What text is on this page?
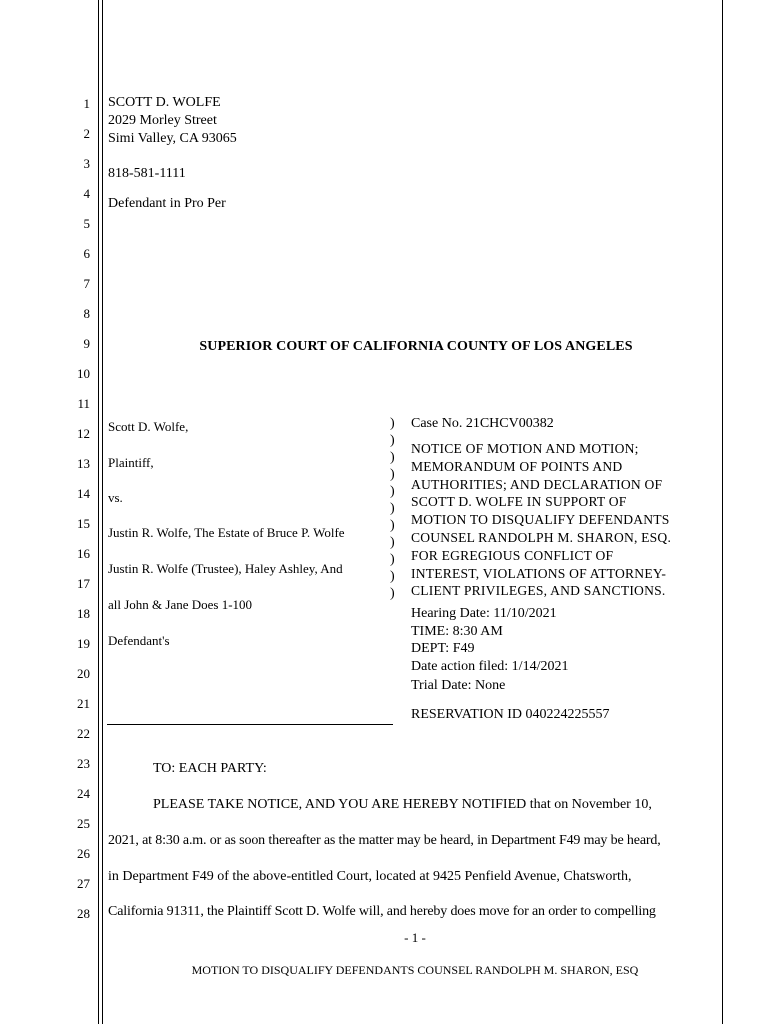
1
2
3
4
5
6
7
8
9
10
11
12
13
14
15
16
17
18
19
20
21
22
23
24
25
26
27
28
SCOTT D. WOLFE
2029 Morley Street
Simi Valley, CA 93065
818-581-1111
Defendant in Pro Per
SUPERIOR COURT OF CALIFORNIA COUNTY OF LOS ANGELES
Scott D. Wolfe,
Plaintiff,
vs.
Justin R. Wolfe, The Estate of Bruce P. Wolfe
Justin R. Wolfe (Trustee), Haley Ashley, And
all John & Jane Does 1-100
Defendant's
)
)
)
)
)
)
)
)
)
)
)
Case No. 21CHCV00382
NOTICE OF MOTION AND MOTION;
MEMORANDUM OF POINTS AND
AUTHORITIES; AND DECLARATION OF
SCOTT D. WOLFE IN SUPPORT OF
MOTION TO DISQUALIFY DEFENDANTS
COUNSEL RANDOLPH M. SHARON, ESQ.
FOR EGREGIOUS CONFLICT OF
INTEREST, VIOLATIONS OF ATTORNEY-
CLIENT PRIVILEGES, AND SANCTIONS.
Hearing Date: 11/10/2021
TIME: 8:30 AM
DEPT: F49
Date action filed: 1/14/2021
Trial Date: None
RESERVATION ID 040224225557
TO: EACH PARTY:
PLEASE TAKE NOTICE, AND YOU ARE HEREBY NOTIFIED that on November 10,
2021, at 8:30 a.m. or as soon thereafter as the matter may be heard, in Department F49 may be heard,
in Department F49 of the above-entitled Court, located at 9425 Penfield Avenue, Chatsworth,
California 91311, the Plaintiff Scott D. Wolfe will, and hereby does move for an order to compelling
- 1 -
MOTION TO DISQUALIFY DEFENDANTS COUNSEL RANDOLPH M. SHARON, ESQ
